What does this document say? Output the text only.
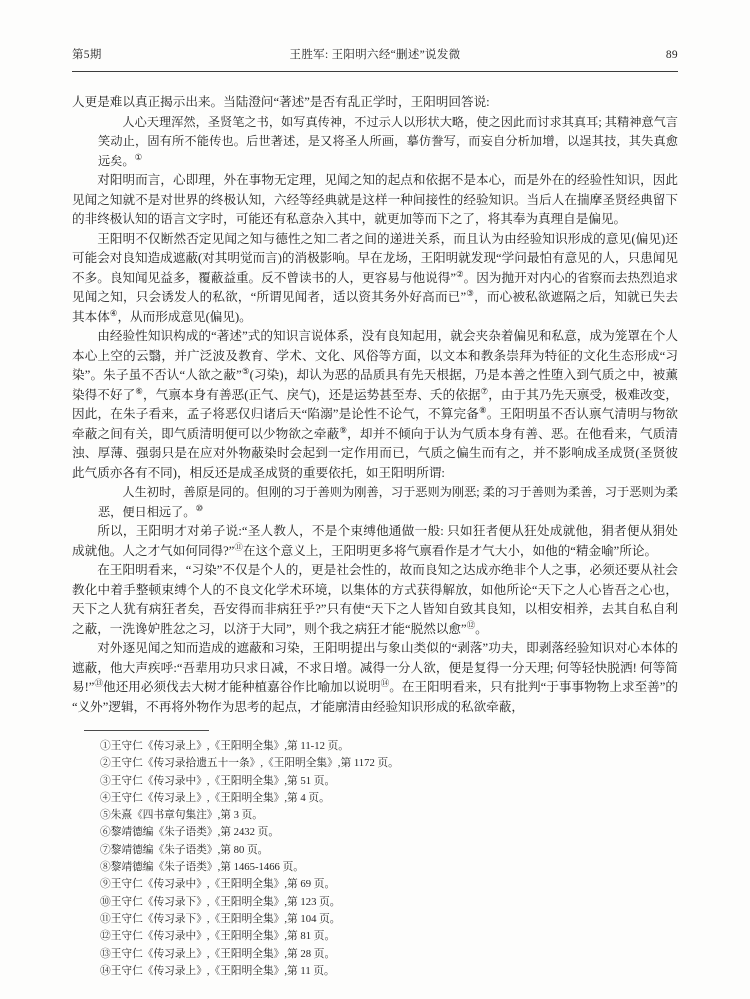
第5期	王胜军: 王阳明六经“删述”说发微	89

人更是难以真正揭示出来。当陆澄问“著述”是否有乱正学时，王阳明回答说:

人心天理浑然，圣贤笔之书，如写真传神，不过示人以形状大略，使之因此而讨求其真耳; 其精神意气言笑动止，固有所不能传也。后世著述，是又将圣人所画，摹仿誊写，而妄自分析加增，以逞其技，其失真愈远矣。①

对阳明而言，心即理，外在事物无定理，见闻之知的起点和依据不是本心，而是外在的经验性知识，因此见闻之知就不是对世界的终极认知，六经等经典就是这样一种间接性的经验知识。当后人在揣摩圣贤经典留下的非终极认知的语言文字时，可能还有私意杂入其中，就更加等而下之了，将其奉为真理自是偏见。

王阳明不仅断然否定见闻之知与德性之知二者之间的递进关系，而且认为由经验知识形成的意见(偏见)还可能会对良知造成遮蔽(对其明觉而言)的消极影响。早在龙场，王阳明就发现“学问最怕有意见的人，只患闻见不多。良知闻见益多，覆蔽益重。反不曾读书的人，更容易与他说得”②。因为抛开对内心的省察而去热烈追求见闻之知，只会诱发人的私欲，“所谓见闻者，适以资其务外好高而已”③，而心被私欲遮隔之后，知就已失去其本体④，从而形成意见(偏见)。

由经验性知识构成的“著述”式的知识言说体系，没有良知起用，就会夹杂着偏见和私意，成为笼罩在个人本心上空的云翳，并广泛波及教育、学术、文化、风俗等方面，以文本和教条崇拜为特征的文化生态形成“习染”。朱子虽不否认“人欲之蔽”⑤(习染)，却认为恶的品质具有先天根据，乃是本善之性堕入到气质之中，被薰染得不好了⑥，气禀本身有善恶(正气、戾气)，还是运势甚至寿、夭的依据⑦，由于其乃先天禀受，极难改变，因此，在朱子看来，孟子将恶仅归诸后天“陷溺”是论性不论气，不算完备⑧。王阳明虽不否认禀气清明与物欲牵蔽之间有关，即气质清明便可以少物欲之牵蔽⑨，却并不倾向于认为气质本身有善、恶。在他看来，气质清浊、厚薄、强弱只是在应对外物蔽染时会起到一定作用而已，气质之偏生而有之，并不影响成圣成贤(圣贤彼此气质亦各有不同)，相反还是成圣成贤的重要依托，如王阳明所谓:

人生初时，善原是同的。但刚的习于善则为刚善，习于恶则为刚恶; 柔的习于善则为柔善，习于恶则为柔恶，便日相远了。⑩

所以，王阳明才对弟子说:“圣人教人，不是个束缚他通做一般: 只如狂者便从狂处成就他，狷者便从狷处成就他。人之才气如何同得?”⑪在这个意义上，王阳明更多将气禀看作是才气大小，如他的“精金喻”所论。

在王阳明看来，“习染”不仅是个人的，更是社会性的，故而良知之达成亦绝非个人之事，必须还要从社会教化中着手整顿束缚个人的不良文化学术环境，以集体的方式获得解放，如他所论“天下之人心皆吾之心也，天下之人犹有病狂者矣，吾安得而非病狂乎?”只有使“天下之人皆知自致其良知，以相安相养，去其自私自利之蔽，一洗谗妒胜忿之习，以济于大同”，则个我之病狂才能“脱然以愈”⑫。

对外逐见闻之知而造成的遮蔽和习染，王阳明提出与象山类似的“剥落”功夫，即剥落经验知识对心本体的遮蔽，他大声疾呼:“吾辈用功只求日减，不求日增。减得一分人欲，便是复得一分天理; 何等轻快脱洒! 何等简易!”⑬他还用必须伐去大树才能种植嘉谷作比喻加以说明⑭。在王阳明看来，只有批判“于事事物物上求至善”的“义外”逻辑，不再将外物作为思考的起点，才能廓清由经验知识形成的私欲牵蔽，

①王守仁《传习录上》,《王阳明全集》,第 11-12 页。

②王守仁《传习录拾遗五十一条》,《王阳明全集》,第 1172 页。

③王守仁《传习录中》,《王阳明全集》,第 51 页。

④王守仁《传习录上》,《王阳明全集》,第 4 页。

⑤朱熹《四书章句集注》,第 3 页。

⑥黎靖德编《朱子语类》,第 2432 页。

⑦黎靖德编《朱子语类》,第 80 页。

⑧黎靖德编《朱子语类》,第 1465-1466 页。

⑨王守仁《传习录中》,《王阳明全集》,第 69 页。

⑩王守仁《传习录下》,《王阳明全集》,第 123 页。

⑪王守仁《传习录下》,《王阳明全集》,第 104 页。

⑫王守仁《传习录中》,《王阳明全集》,第 81 页。

⑬王守仁《传习录上》,《王阳明全集》,第 28 页。

⑭王守仁《传习录上》,《王阳明全集》,第 11 页。
